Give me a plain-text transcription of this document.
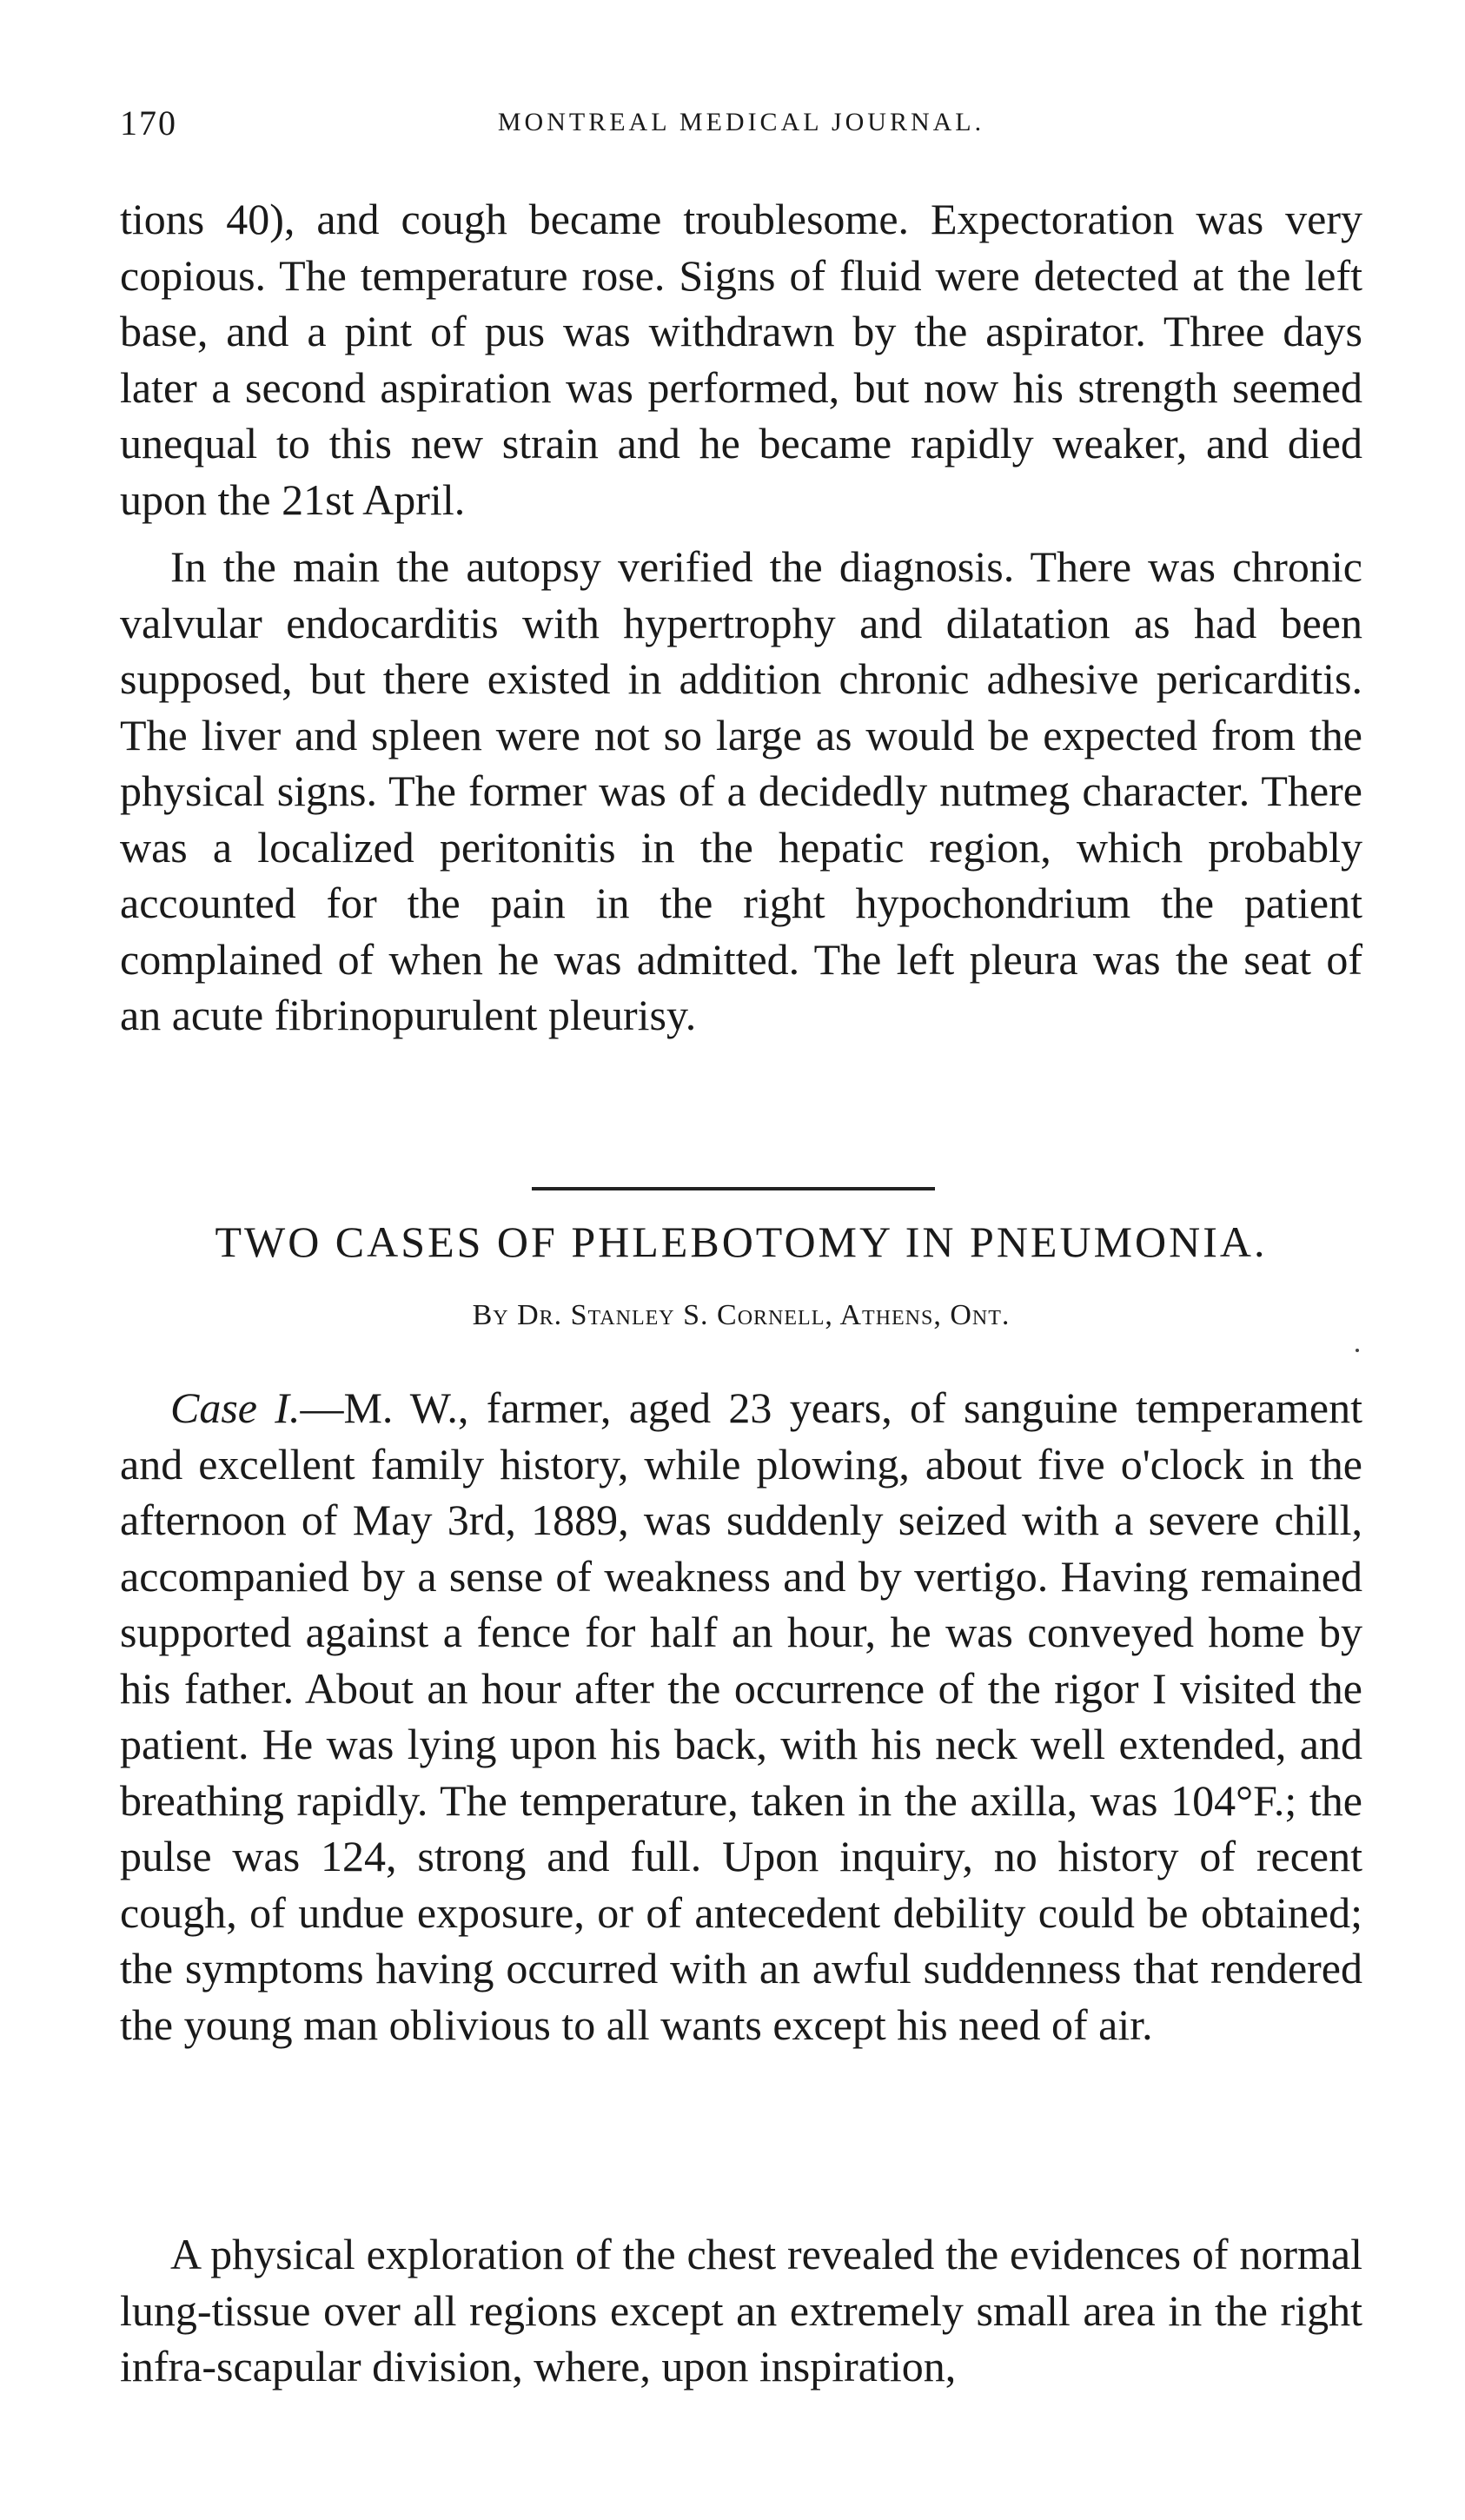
170	MONTREAL MEDICAL JOURNAL.

tions 40), and cough became troublesome. Expectoration was very copious. The temperature rose. Signs of fluid were detected at the left base, and a pint of pus was withdrawn by the aspirator. Three days later a second aspiration was performed, but now his strength seemed unequal to this new strain and he became rapidly weaker, and died upon the 21st April.

In the main the autopsy verified the diagnosis. There was chronic valvular endocarditis with hypertrophy and dilatation as had been supposed, but there existed in addition chronic adhesive pericarditis. The liver and spleen were not so large as would be expected from the physical signs. The former was of a decidedly nutmeg character. There was a localized peritonitis in the hepatic region, which probably accounted for the pain in the right hypochondrium the patient complained of when he was admitted. The left pleura was the seat of an acute fibrinopurulent pleurisy.

TWO CASES OF PHLEBOTOMY IN PNEUMONIA.
By Dr. Stanley S. Cornell, Athens, Ont.

Case I.—M. W., farmer, aged 23 years, of sanguine temperament and excellent family history, while plowing, about five o'clock in the afternoon of May 3rd, 1889, was suddenly seized with a severe chill, accompanied by a sense of weakness and by vertigo. Having remained supported against a fence for half an hour, he was conveyed home by his father. About an hour after the occurrence of the rigor I visited the patient. He was lying upon his back, with his neck well extended, and breathing rapidly. The temperature, taken in the axilla, was 104°F.; the pulse was 124, strong and full. Upon inquiry, no history of recent cough, of undue exposure, or of antecedent debility could be obtained; the symptoms having occurred with an awful suddenness that rendered the young man oblivious to all wants except his need of air.

A physical exploration of the chest revealed the evidences of normal lung-tissue over all regions except an extremely small area in the right infra-scapular division, where, upon inspiration,
